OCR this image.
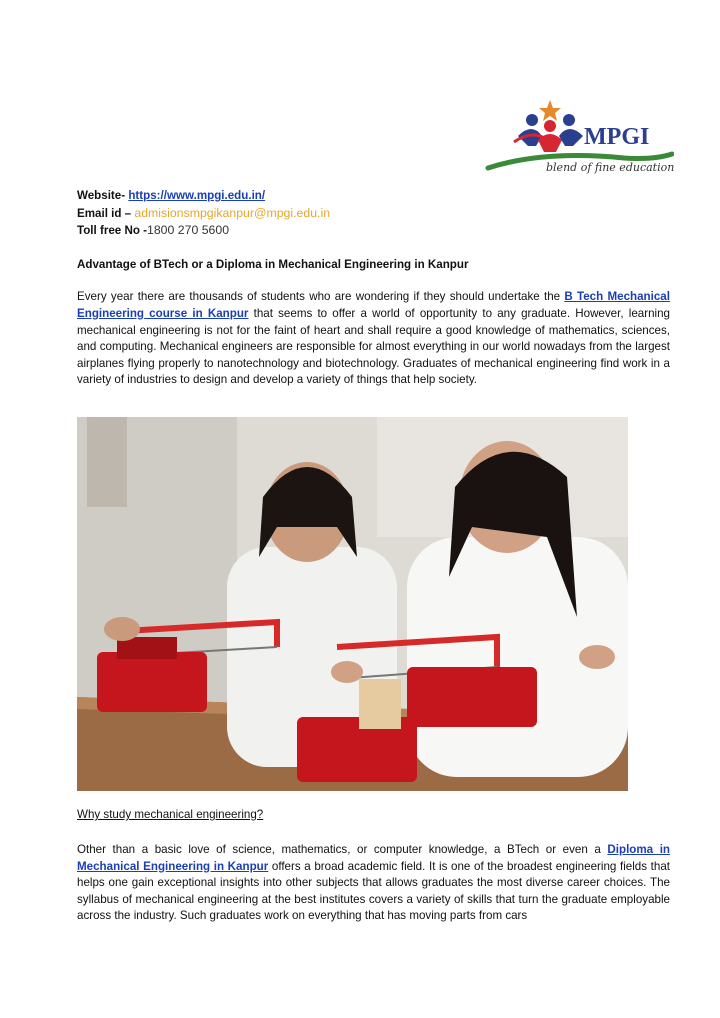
MPGI
blend of fine education
Website- https://www.mpgi.edu.in/
Email id – admisionsmpgikanpur@mpgi.edu.in
Toll free No -1800 270 5600
Advantage of BTech or a Diploma in Mechanical Engineering in Kanpur

Every year there are thousands of students who are wondering if they should undertake the B Tech Mechanical Engineering course in Kanpur that seems to offer a world of opportunity to any graduate. However, learning mechanical engineering is not for the faint of heart and shall require a good knowledge of mathematics, sciences, and computing. Mechanical engineers are responsible for almost everything in our world nowadays from the largest airplanes flying properly to nanotechnology and biotechnology. Graduates of mechanical engineering find work in a variety of industries to design and develop a variety of things that help society.

Why study mechanical engineering?

Other than a basic love of science, mathematics, or computer knowledge, a BTech or even a Diploma in Mechanical Engineering in Kanpur offers a broad academic field. It is one of the broadest engineering fields that helps one gain exceptional insights into other subjects that allows graduates the most diverse career choices. The syllabus of mechanical engineering at the best institutes covers a variety of skills that turn the graduate employable across the industry. Such graduates work on everything that has moving parts from cars
